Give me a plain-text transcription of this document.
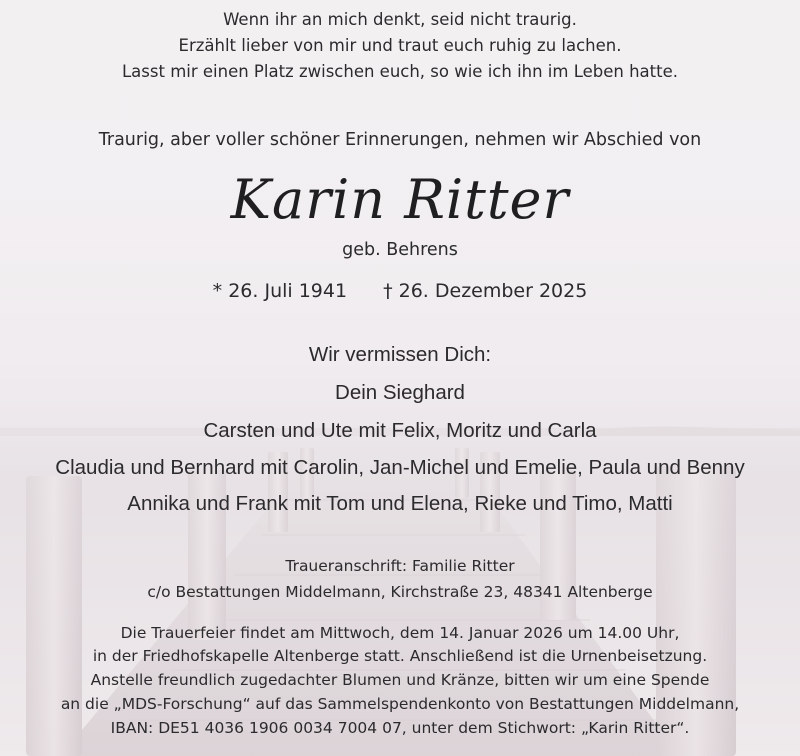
Wenn ihr an mich denkt, seid nicht traurig.
Erzählt lieber von mir und traut euch ruhig zu lachen.
Lasst mir einen Platz zwischen euch, so wie ich ihn im Leben hatte.
Traurig, aber voller schöner Erinnerungen, nehmen wir Abschied von
Karin Ritter
geb. Behrens
* 26. Juli 1941 † 26. Dezember 2025
Wir vermissen Dich:
Dein Sieghard
Carsten und Ute mit Felix, Moritz und Carla
Claudia und Bernhard mit Carolin, Jan-Michel und Emelie, Paula und Benny
Annika und Frank mit Tom und Elena, Rieke und Timo, Matti
Traueranschrift: Familie Ritter
c/o Bestattungen Middelmann, Kirchstraße 23, 48341 Altenberge
Die Trauerfeier findet am Mittwoch, dem 14. Januar 2026 um 14.00 Uhr,
in der Friedhofskapelle Altenberge statt. Anschließend ist die Urnenbeisetzung.
Anstelle freundlich zugedachter Blumen und Kränze, bitten wir um eine Spende
an die „MDS-Forschung“ auf das Sammelspendenkonto von Bestattungen Middelmann,
IBAN: DE51 4036 1906 0034 7004 07, unter dem Stichwort: „Karin Ritter“.
